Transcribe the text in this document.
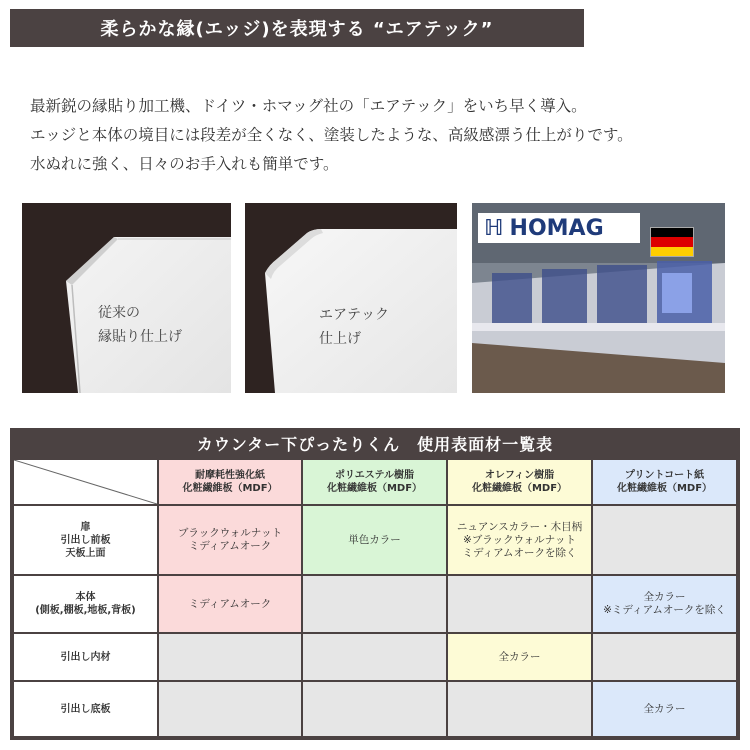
柔らかな縁(エッジ)を表現する “エアテック”
最新鋭の縁貼り加工機、ドイツ・ホマッグ社の「エアテック」をいち早く導入。
エッジと本体の境目には段差が全くなく、塗装したような、高級感漂う仕上がりです。
水ぬれに強く、日々のお手入れも簡単です。
従来の
縁貼り仕上げ
エアテック
仕上げ
ℍ HOMAG
カウンター下ぴったりくん　使用表面材一覧表
耐摩耗性強化紙
化粧繊維板（MDF）
ポリエステル樹脂
化粧繊維板（MDF）
オレフィン樹脂
化粧繊維板（MDF）
プリントコート紙
化粧繊維板（MDF）
扉
引出し前板
天板上面
ブラックウォルナット
ミディアムオーク
単色カラー
ニュアンスカラー・木目柄
※ブラックウォルナット
ミディアムオークを除く
本体
(側板,棚板,地板,背板)
ミディアムオーク
全カラー
※ミディアムオークを除く
引出し内材	全カラー
引出し底板	全カラー
